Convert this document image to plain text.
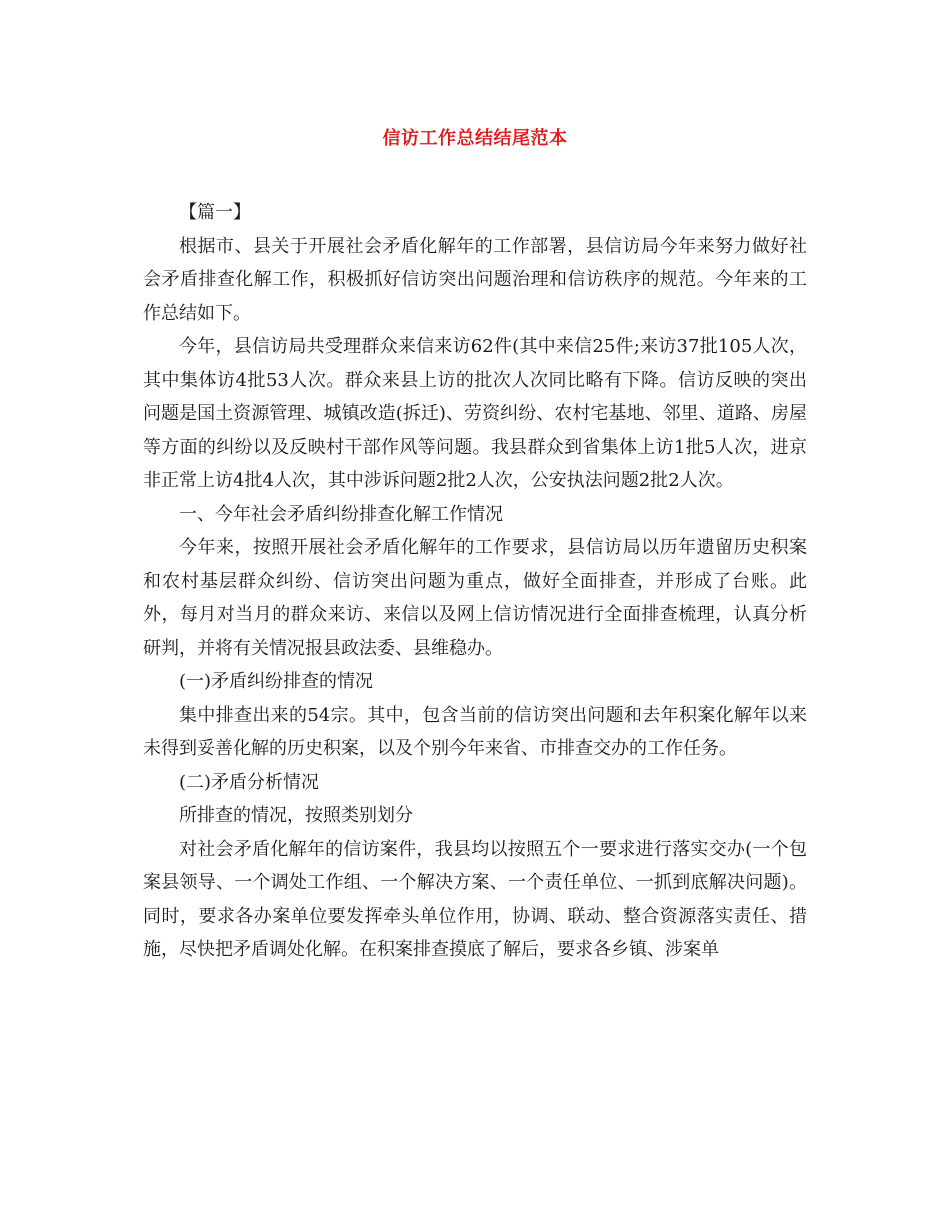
信访工作总结结尾范本

【篇一】

根据市、县关于开展社会矛盾化解年的工作部署，县信访局今年来努力做好社会矛盾排查化解工作，积极抓好信访突出问题治理和信访秩序的规范。今年来的工作总结如下。

今年，县信访局共受理群众来信来访62件(其中来信25件;来访37批105人次，其中集体访4批53人次。群众来县上访的批次人次同比略有下降。信访反映的突出问题是国土资源管理、城镇改造(拆迁)、劳资纠纷、农村宅基地、邻里、道路、房屋等方面的纠纷以及反映村干部作风等问题。我县群众到省集体上访1批5人次，进京非正常上访4批4人次，其中涉诉问题2批2人次，公安执法问题2批2人次。

一、今年社会矛盾纠纷排查化解工作情况

今年来，按照开展社会矛盾化解年的工作要求，县信访局以历年遗留历史积案和农村基层群众纠纷、信访突出问题为重点，做好全面排查，并形成了台账。此外，每月对当月的群众来访、来信以及网上信访情况进行全面排查梳理，认真分析研判，并将有关情况报县政法委、县维稳办。

(一)矛盾纠纷排查的情况

集中排查出来的54宗。其中，包含当前的信访突出问题和去年积案化解年以来未得到妥善化解的历史积案，以及个别今年来省、市排查交办的工作任务。

(二)矛盾分析情况

所排查的情况，按照类别划分

对社会矛盾化解年的信访案件，我县均以按照五个一要求进行落实交办(一个包案县领导、一个调处工作组、一个解决方案、一个责任单位、一抓到底解决问题)。同时，要求各办案单位要发挥牵头单位作用，协调、联动、整合资源落实责任、措施，尽快把矛盾调处化解。在积案排查摸底了解后，要求各乡镇、涉案单
